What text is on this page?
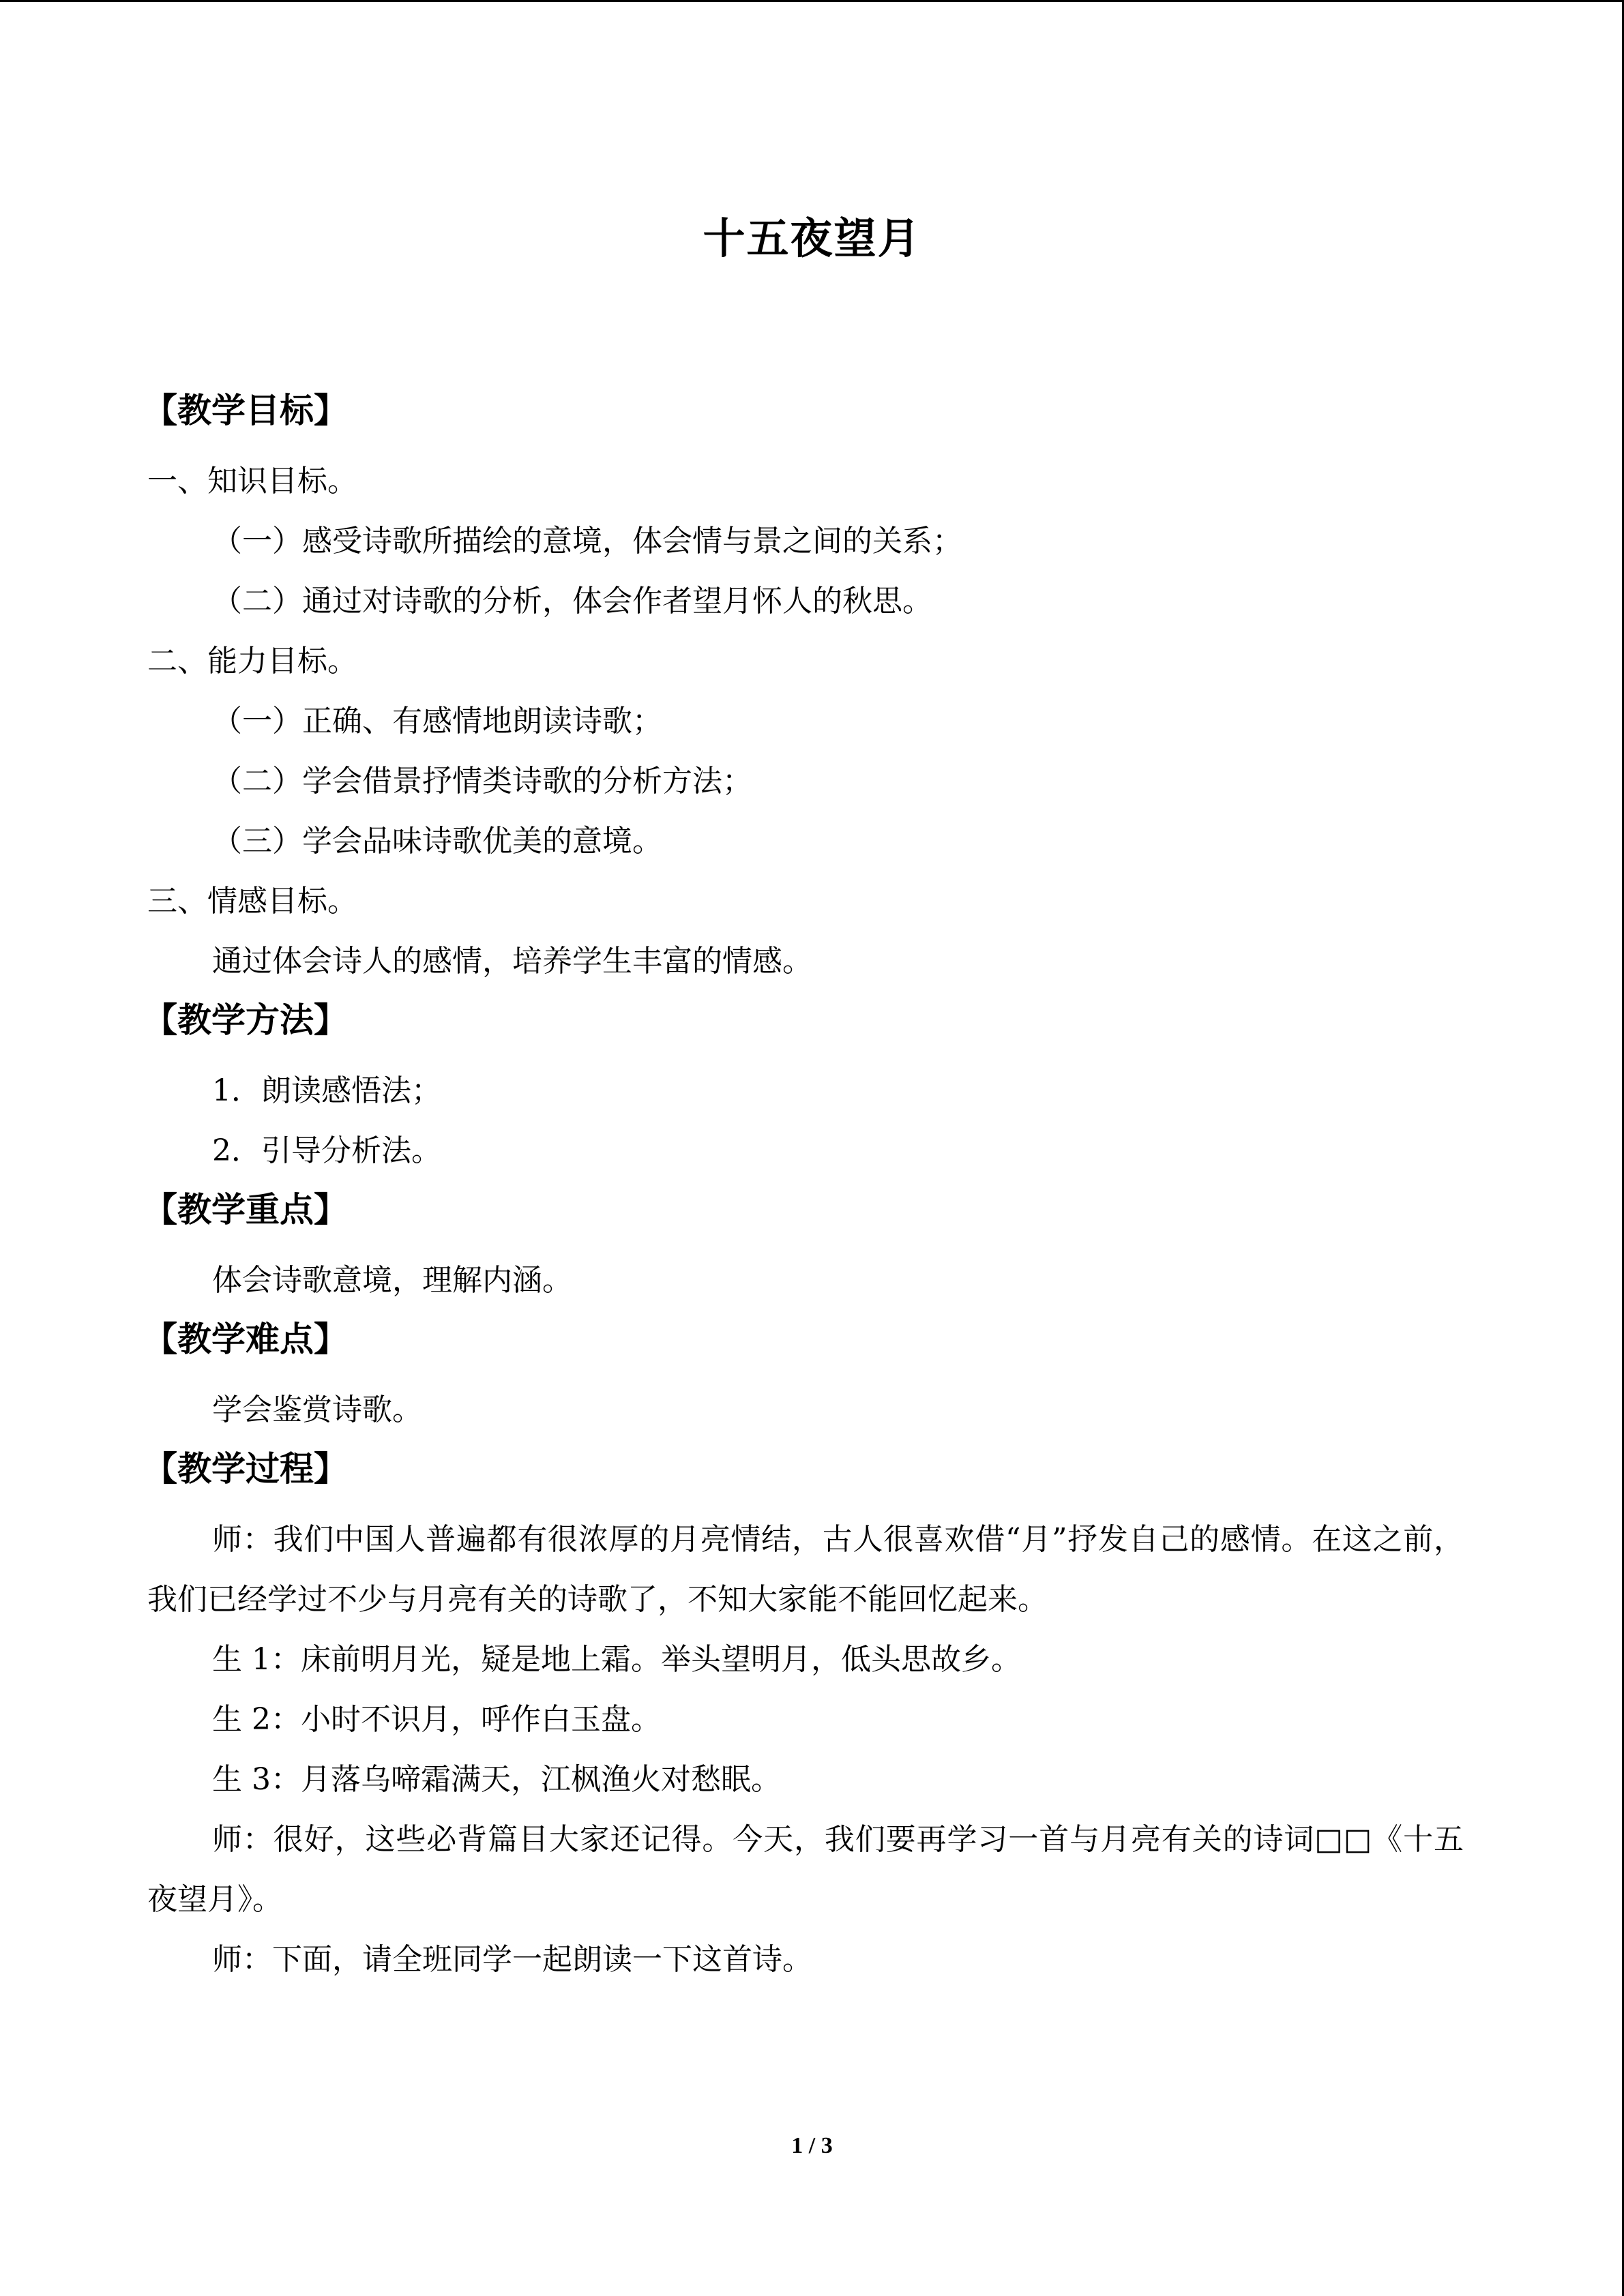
十五夜望月
【教学目标】
一、知识目标。
（一）感受诗歌所描绘的意境，体会情与景之间的关系；
（二）通过对诗歌的分析，体会作者望月怀人的秋思。
二、能力目标。
（一）正确、有感情地朗读诗歌；
（二）学会借景抒情类诗歌的分析方法；
（三）学会品味诗歌优美的意境。
三、情感目标。
通过体会诗人的感情，培养学生丰富的情感。
【教学方法】
1．朗读感悟法；
2．引导分析法。
【教学重点】
体会诗歌意境，理解内涵。
【教学难点】
学会鉴赏诗歌。
【教学过程】
师：我们中国人普遍都有很浓厚的月亮情结，古人很喜欢借“月”抒发自己的感情。在这之前，我们已经学过不少与月亮有关的诗歌了，不知大家能不能回忆起来。
生 1：床前明月光，疑是地上霜。举头望明月，低头思故乡。
生 2：小时不识月，呼作白玉盘。
生 3：月落乌啼霜满天，江枫渔火对愁眠。
师：很好，这些必背篇目大家还记得。今天，我们要再学习一首与月亮有关的诗词□□《十五夜望月》。
师：下面，请全班同学一起朗读一下这首诗。
1 / 3
